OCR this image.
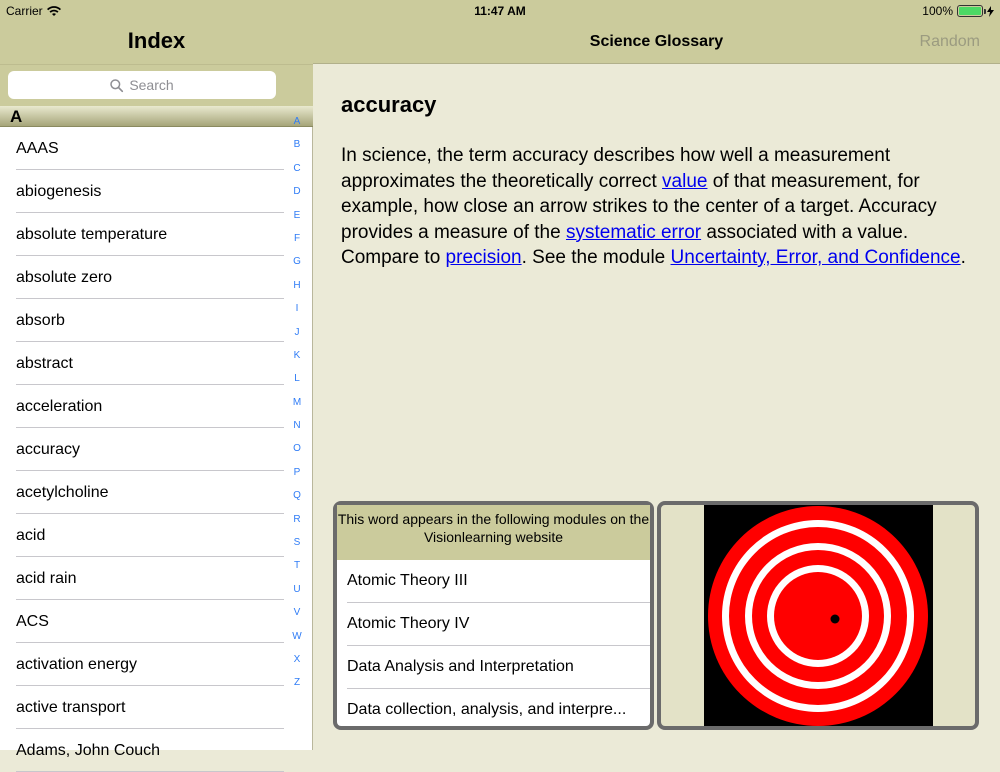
Carrier	11:47 AM	100%
Index
Search
A
AAAS
abiogenesis
absolute temperature
absolute zero
absorb
abstract
acceleration
accuracy
acetylcholine
acid
acid rain
ACS
activation energy
active transport
Adams, John Couch
A
B
C
D
E
F
G
H
I
J
K
L
M
N
O
P
Q
R
S
T
U
V
W
X
Z
Science Glossary	Random
accuracy
In science, the term accuracy describes how well a measurement approximates the theoretically correct value of that measurement, for example, how close an arrow strikes to the center of a target. Accuracy provides a measure of the systematic error associated with a value. Compare to precision. See the module Uncertainty, Error, and Confidence.
This word appears in the following modules on the Visionlearning website
Atomic Theory III
Atomic Theory IV
Data Analysis and Interpretation
Data collection, analysis, and interpre...
